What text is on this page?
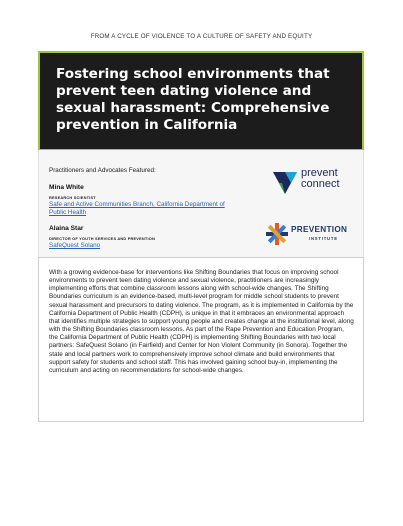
FROM A CYCLE OF VIOLENCE TO A CULTURE OF SAFETY AND EQUITY
Fostering school environments that prevent teen dating violence and sexual harassment: Comprehensive prevention in California
Practitioners and Advocates Featured:
Mina White
RESEARCH SCIENTIST
Safe and Active Communities Branch, California Department of Public Health
Alaina Star
DIRECTOR OF YOUTH SERVICES AND PREVENTION
SafeQuest Solano
prevent
connect
PREVENTION
INSTITUTE

With a growing evidence-base for interventions like Shifting Boundaries that focus on improving school environments to prevent teen dating violence and sexual violence, practitioners are increasingly implementing efforts that combine classroom lessons along with school-wide changes. The Shifting Boundaries curriculum is an evidence-based, multi-level program for middle school students to prevent sexual harassment and precursors to dating violence. The program, as it is implemented in California by the California Department of Public Health (CDPH), is unique in that it embraces an environmental approach that identifies multiple strategies to support young people and creates change at the institutional level, along with the Shifting Boundaries classroom lessons. As part of the Rape Prevention and Education Program, the California Department of Public Health (CDPH) is implementing Shifting Boundaries with two local partners: SafeQuest Solano (in Fairfield) and Center for Non Violent Community (in Sonora). Together the state and local partners work to comprehensively improve school climate and build environments that support safety for students and school staff. This has involved gaining school buy-in, implementing the curriculum and acting on recommendations for school-wide changes.
